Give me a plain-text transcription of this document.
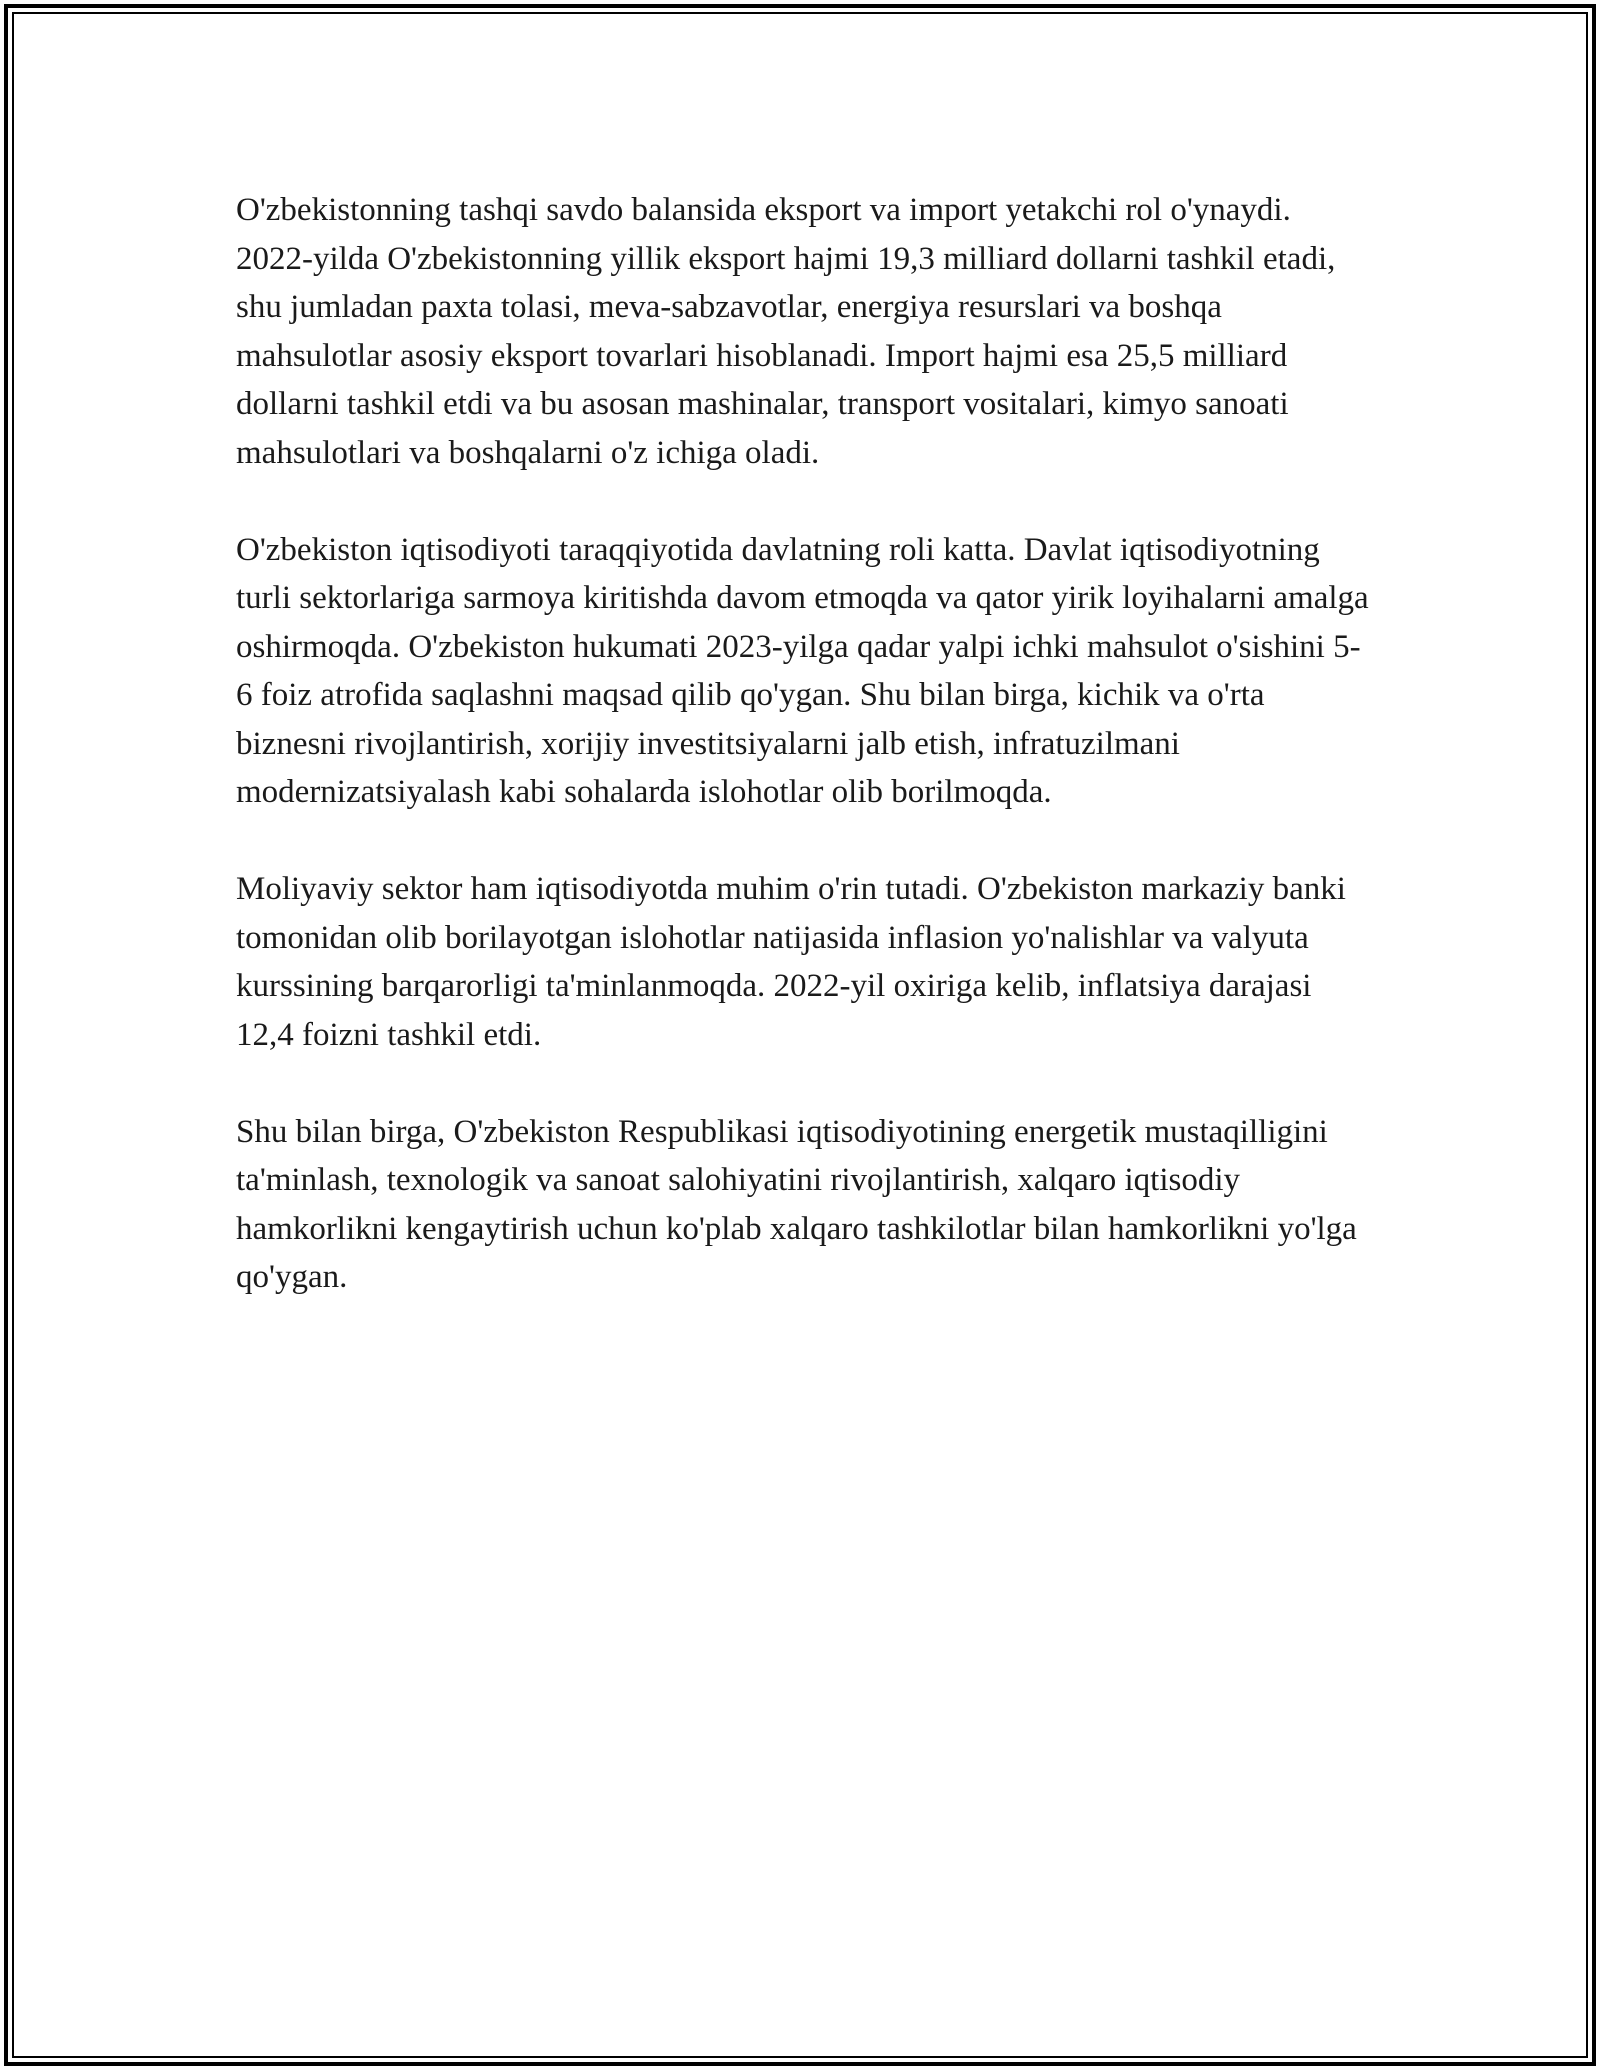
O'zbekistonning tashqi savdo balansida eksport va import yetakchi rol o'ynaydi. 2022-yilda O'zbekistonning yillik eksport hajmi 19,3 milliard dollarni tashkil etadi, shu jumladan paxta tolasi, meva-sabzavotlar, energiya resurslari va boshqa mahsulotlar asosiy eksport tovarlari hisoblanadi. Import hajmi esa 25,5 milliard dollarni tashkil etdi va bu asosan mashinalar, transport vositalari, kimyo sanoati mahsulotlari va boshqalarni o'z ichiga oladi.

O'zbekiston iqtisodiyoti taraqqiyotida davlatning roli katta. Davlat iqtisodiyotning turli sektorlariga sarmoya kiritishda davom etmoqda va qator yirik loyihalarni amalga oshirmoqda. O'zbekiston hukumati 2023-yilga qadar yalpi ichki mahsulot o'sishini 5-6 foiz atrofida saqlashni maqsad qilib qo'ygan. Shu bilan birga, kichik va o'rta biznesni rivojlantirish, xorijiy investitsiyalarni jalb etish, infratuzilmani modernizatsiyalash kabi sohalarda islohotlar olib borilmoqda.

Moliyaviy sektor ham iqtisodiyotda muhim o'rin tutadi. O'zbekiston markaziy banki tomonidan olib borilayotgan islohotlar natijasida inflasion yo'nalishlar va valyuta kurssining barqarorligi ta'minlanmoqda. 2022-yil oxiriga kelib, inflatsiya darajasi 12,4 foizni tashkil etdi.

Shu bilan birga, O'zbekiston Respublikasi iqtisodiyotining energetik mustaqilligini ta'minlash, texnologik va sanoat salohiyatini rivojlantirish, xalqaro iqtisodiy hamkorlikni kengaytirish uchun ko'plab xalqaro tashkilotlar bilan hamkorlikni yo'lga qo'ygan.
